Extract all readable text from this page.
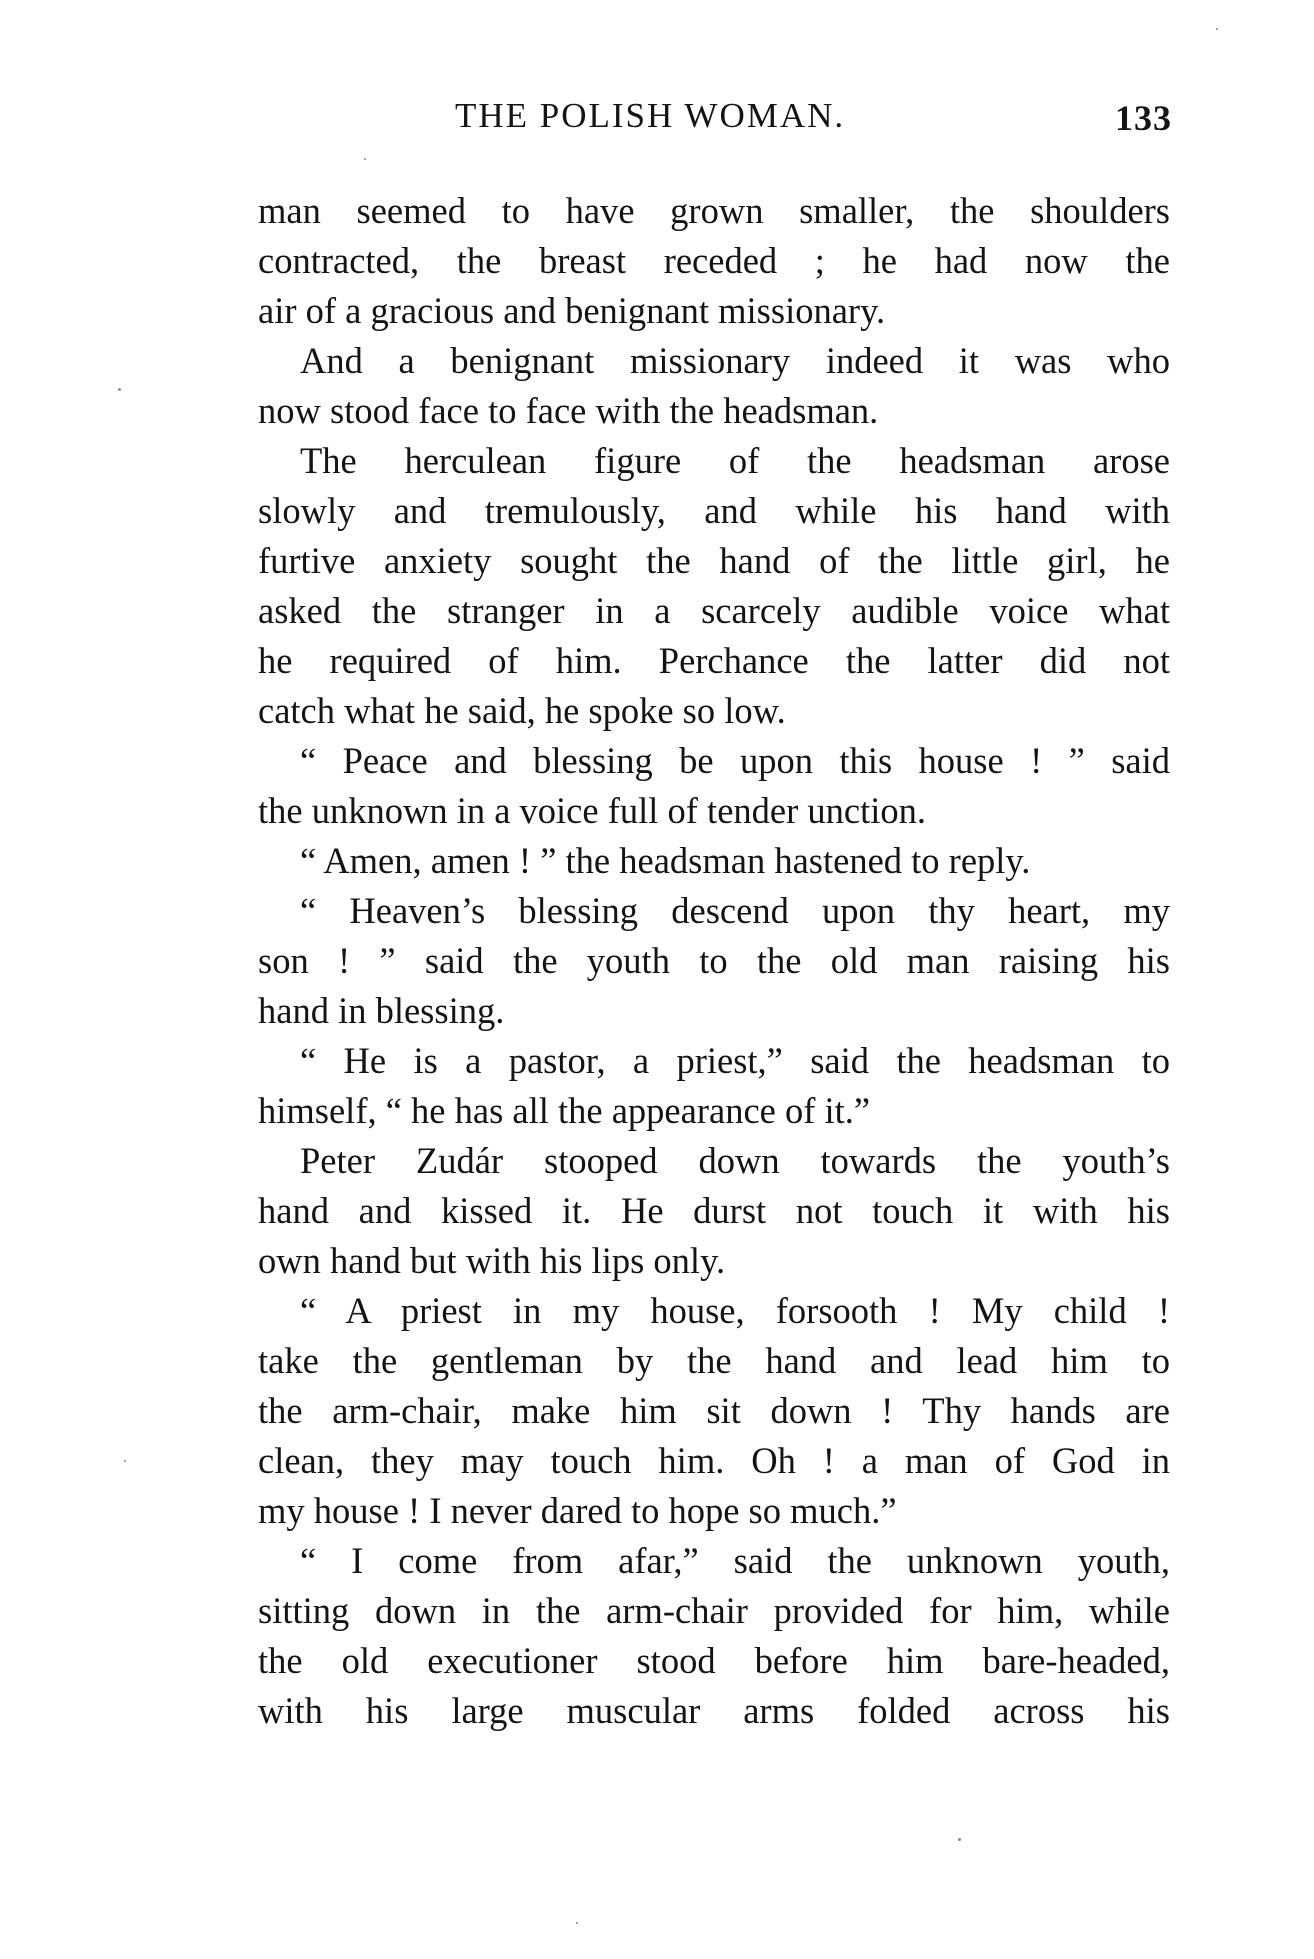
THE POLISH WOMAN.	133
man seemed to have grown smaller, the shoulders
contracted, the breast receded ; he had now the
air of a gracious and benignant missionary.
And a benignant missionary indeed it was who
now stood face to face with the headsman.
The herculean figure of the headsman arose
slowly and tremulously, and while his hand with
furtive anxiety sought the hand of the little girl, he
asked the stranger in a scarcely audible voice what
he required of him. Perchance the latter did not
catch what he said, he spoke so low.
“ Peace and blessing be upon this house ! ” said
the unknown in a voice full of tender unction.
“ Amen, amen ! ” the headsman hastened to reply.
“ Heaven’s blessing descend upon thy heart, my
son ! ” said the youth to the old man raising his
hand in blessing.
“ He is a pastor, a priest,” said the headsman to
himself, “ he has all the appearance of it.”
Peter Zudár stooped down towards the youth’s
hand and kissed it. He durst not touch it with his
own hand but with his lips only.
“ A priest in my house, forsooth ! My child !
take the gentleman by the hand and lead him to
the arm-chair, make him sit down ! Thy hands are
clean, they may touch him. Oh ! a man of God in
my house ! I never dared to hope so much.”
“ I come from afar,” said the unknown youth,
sitting down in the arm-chair provided for him, while
the old executioner stood before him bare-headed,
with his large muscular arms folded across his
